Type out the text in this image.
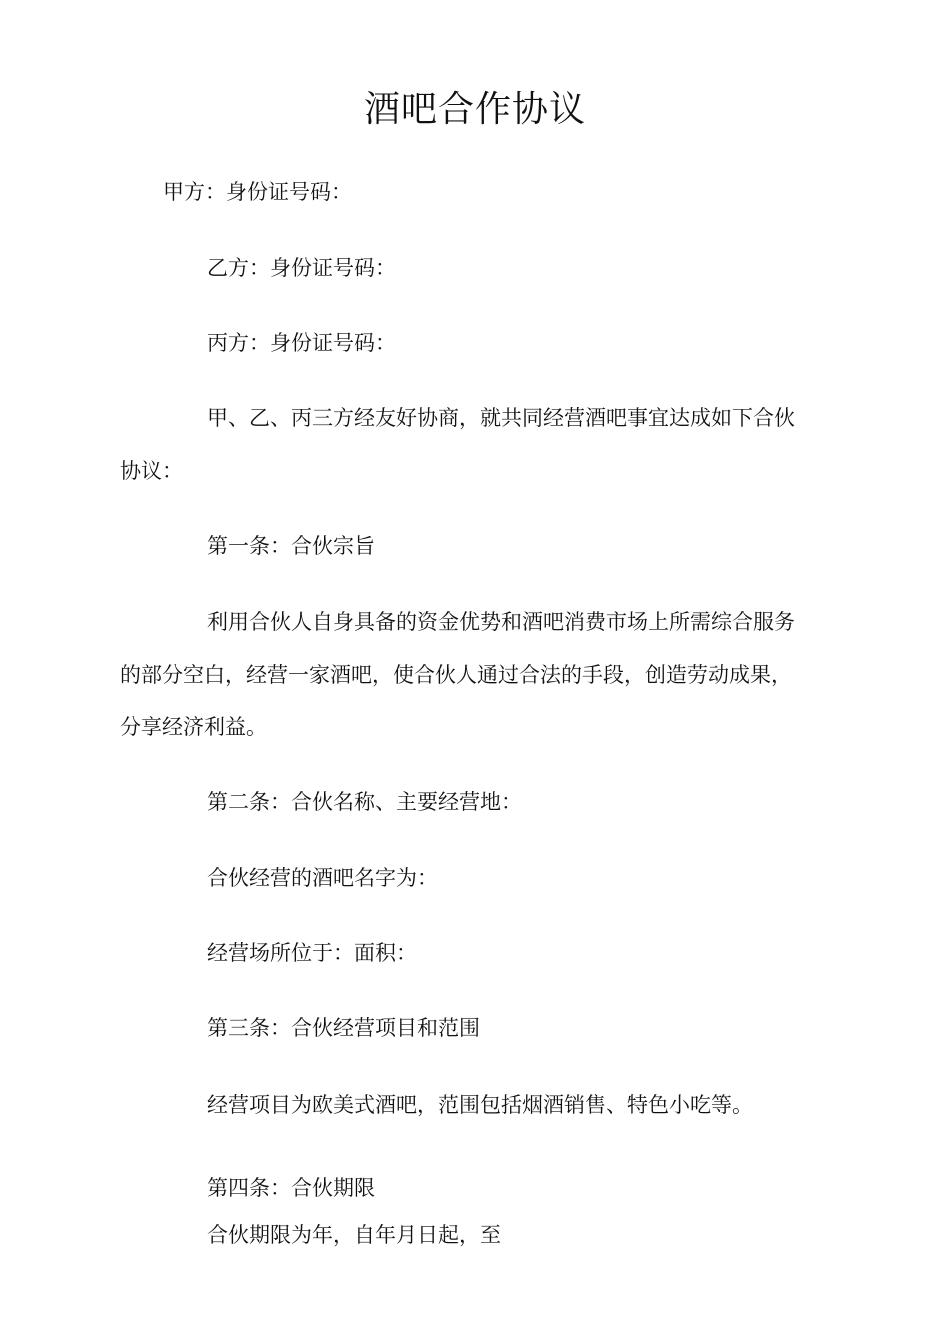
酒吧合作协议
甲方：身份证号码：
乙方：身份证号码：
丙方：身份证号码：
甲、乙、丙三方经友好协商，就共同经营酒吧事宜达成如下合伙
协议：
第一条：合伙宗旨
利用合伙人自身具备的资金优势和酒吧消费市场上所需综合服务
的部分空白，经营一家酒吧，使合伙人通过合法的手段，创造劳动成果，
分享经济利益。
第二条：合伙名称、主要经营地：
合伙经营的酒吧名字为：
经营场所位于：面积：
第三条：合伙经营项目和范围
经营项目为欧美式酒吧，范围包括烟酒销售、特色小吃等。
第四条：合伙期限
合伙期限为年，自年月日起，至
